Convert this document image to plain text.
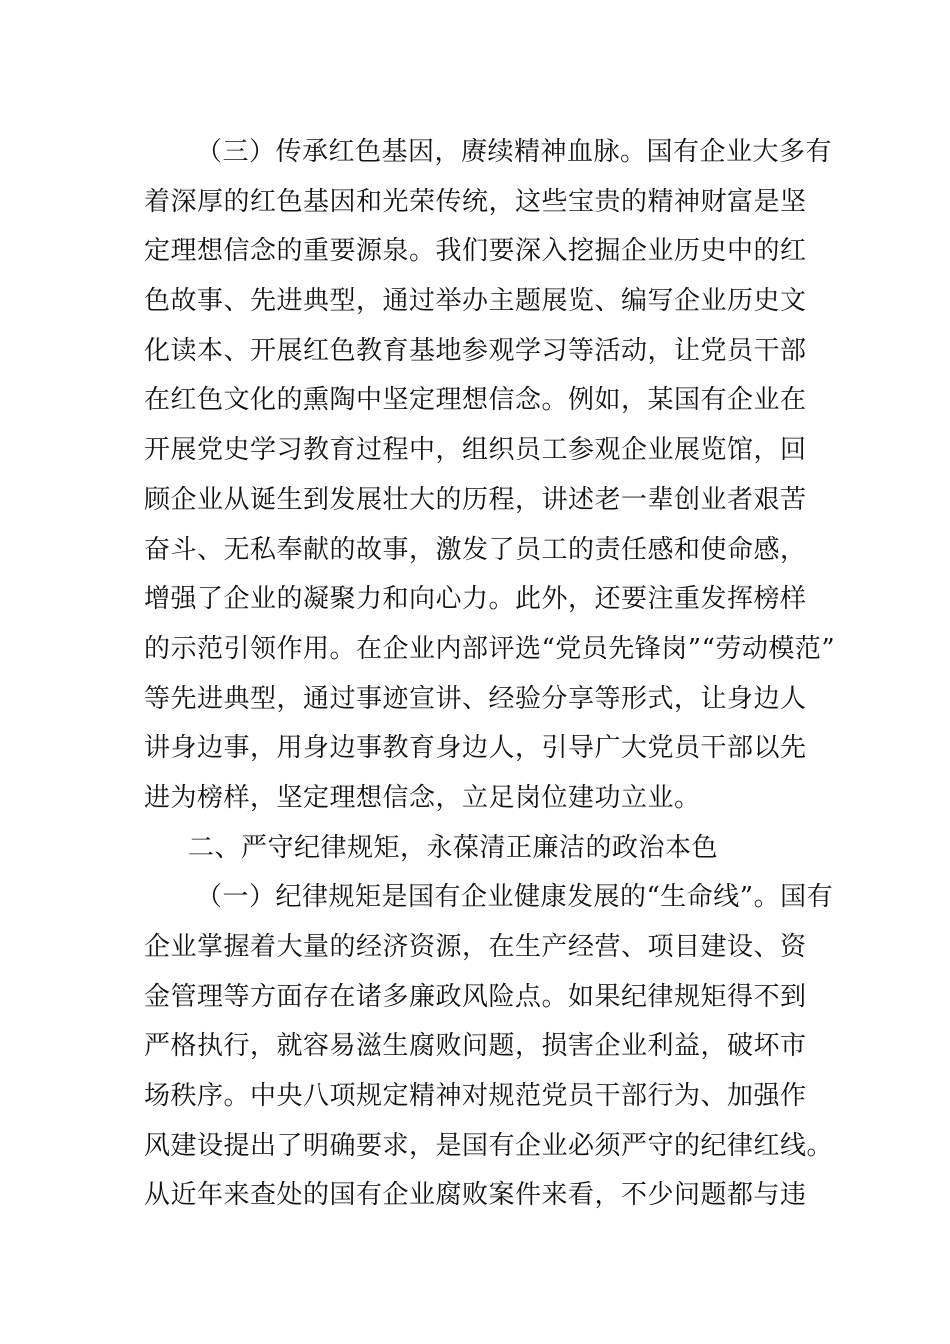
（三）传承红色基因，赓续精神血脉。国有企业大多有
着深厚的红色基因和光荣传统，这些宝贵的精神财富是坚
定理想信念的重要源泉。我们要深入挖掘企业历史中的红
色故事、先进典型，通过举办主题展览、编写企业历史文
化读本、开展红色教育基地参观学习等活动，让党员干部
在红色文化的熏陶中坚定理想信念。例如，某国有企业在
开展党史学习教育过程中，组织员工参观企业展览馆，回
顾企业从诞生到发展壮大的历程，讲述老一辈创业者艰苦
奋斗、无私奉献的故事，激发了员工的责任感和使命感，
增强了企业的凝聚力和向心力。此外，还要注重发挥榜样
的示范引领作用。在企业内部评选“党员先锋岗”“劳动模范”
等先进典型，通过事迹宣讲、经验分享等形式，让身边人
讲身边事，用身边事教育身边人，引导广大党员干部以先
进为榜样，坚定理想信念，立足岗位建功立业。
二、严守纪律规矩，永葆清正廉洁的政治本色
（一）纪律规矩是国有企业健康发展的“生命线”。国有
企业掌握着大量的经济资源，在生产经营、项目建设、资
金管理等方面存在诸多廉政风险点。如果纪律规矩得不到
严格执行，就容易滋生腐败问题，损害企业利益，破坏市
场秩序。中央八项规定精神对规范党员干部行为、加强作
风建设提出了明确要求，是国有企业必须严守的纪律红线。
从近年来查处的国有企业腐败案件来看，不少问题都与违
